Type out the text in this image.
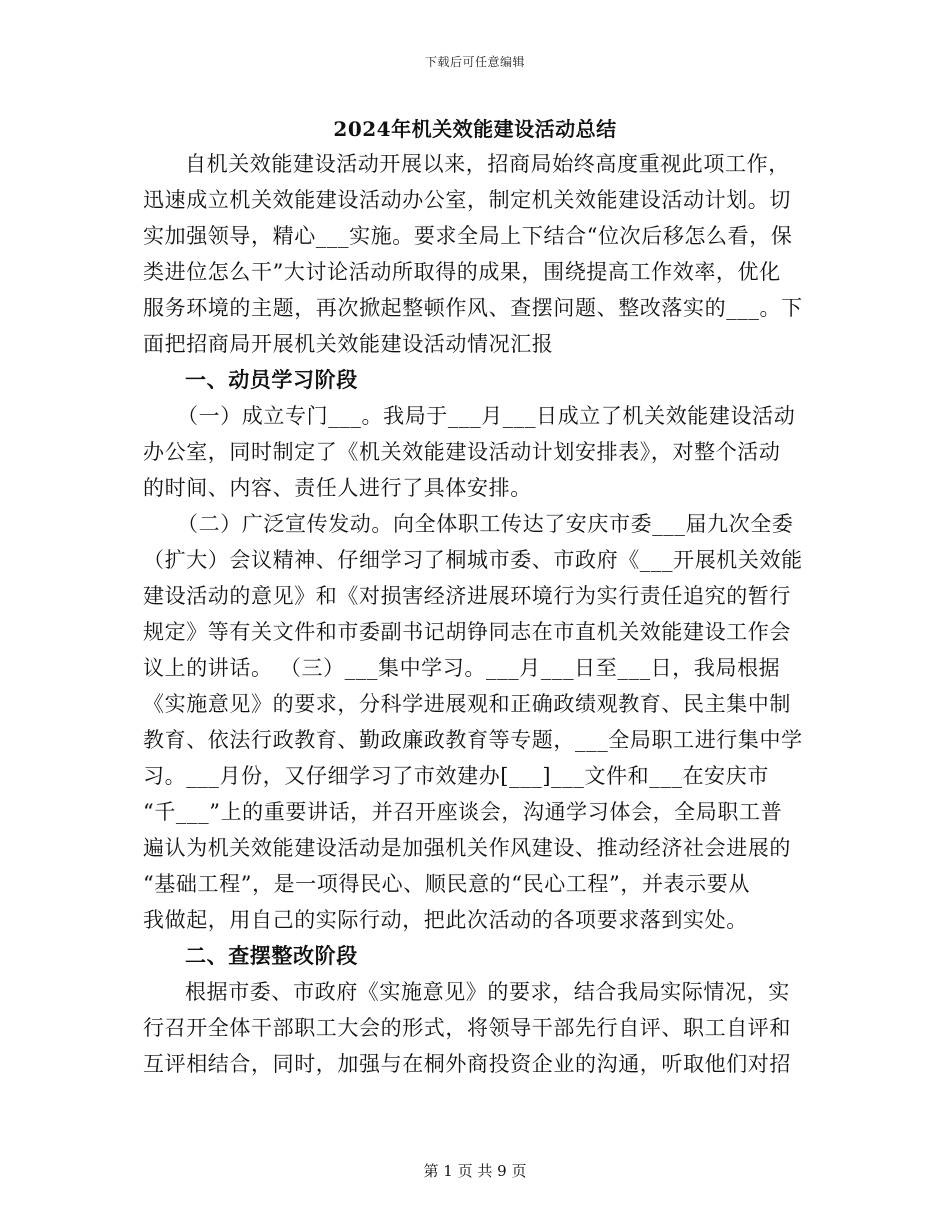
下载后可任意编辑
2024年机关效能建设活动总结
自机关效能建设活动开展以来，招商局始终高度重视此项工作，
迅速成立机关效能建设活动办公室，制定机关效能建设活动计划。切
实加强领导，精心___实施。要求全局上下结合“位次后移怎么看，保
类进位怎么干”大讨论活动所取得的成果，围绕提高工作效率，优化
服务环境的主题，再次掀起整顿作风、查摆问题、整改落实的___。下
面把招商局开展机关效能建设活动情况汇报
一、动员学习阶段
（一）成立专门___。我局于___月___日成立了机关效能建设活动
办公室，同时制定了《机关效能建设活动计划安排表》，对整个活动
的时间、内容、责任人进行了具体安排。
（二）广泛宣传发动。向全体职工传达了安庆市委___届九次全委
（扩大）会议精神、仔细学习了桐城市委、市政府《___开展机关效能
建设活动的意见》和《对损害经济进展环境行为实行责任追究的暂行
规定》等有关文件和市委副书记胡铮同志在市直机关效能建设工作会
议上的讲话。 （三）___集中学习。___月___日至___日，我局根据
《实施意见》的要求，分科学进展观和正确政绩观教育、民主集中制
教育、依法行政教育、勤政廉政教育等专题，___全局职工进行集中学
习。___月份，又仔细学习了市效建办[___]___文件和___在安庆市
“千___”上的重要讲话，并召开座谈会，沟通学习体会，全局职工普
遍认为机关效能建设活动是加强机关作风建设、推动经济社会进展的
“基础工程”，是一项得民心、顺民意的“民心工程”，并表示要从
我做起，用自己的实际行动，把此次活动的各项要求落到实处。
二、查摆整改阶段
根据市委、市政府《实施意见》的要求，结合我局实际情况，实
行召开全体干部职工大会的形式，将领导干部先行自评、职工自评和
互评相结合，同时，加强与在桐外商投资企业的沟通，听取他们对招
第 1 页 共 9 页
